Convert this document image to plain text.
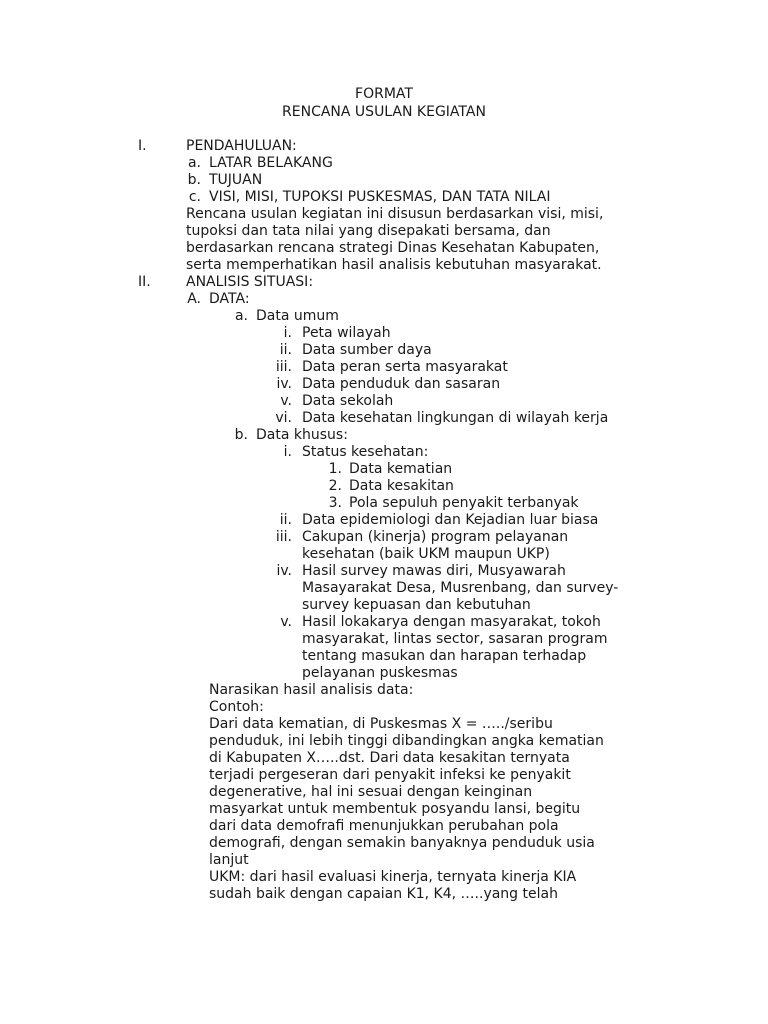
FORMAT
RENCANA USULAN KEGIATAN
I.	PENDAHULUAN:
a. LATAR BELAKANG
b. TUJUAN
c. VISI, MISI, TUPOKSI PUSKESMAS, DAN TATA NILAI
Rencana usulan kegiatan ini disusun berdasarkan visi, misi,
tupoksi dan tata nilai yang disepakati bersama, dan
berdasarkan rencana strategi Dinas Kesehatan Kabupaten,
serta memperhatikan hasil analisis kebutuhan masyarakat.
II.	ANALISIS SITUASI:
A. DATA:
a. Data umum
i. Peta wilayah
ii. Data sumber daya
iii. Data peran serta masyarakat
iv. Data penduduk dan sasaran
v. Data sekolah
vi. Data kesehatan lingkungan di wilayah kerja
b. Data khusus:
i. Status kesehatan:
1. Data kematian
2. Data kesakitan
3. Pola sepuluh penyakit terbanyak
ii. Data epidemiologi dan Kejadian luar biasa
iii. Cakupan (kinerja) program pelayanan
kesehatan (baik UKM maupun UKP)
iv. Hasil survey mawas diri, Musyawarah
Masayarakat Desa, Musrenbang, dan survey-
survey kepuasan dan kebutuhan
v. Hasil lokakarya dengan masyarakat, tokoh
masyarakat, lintas sector, sasaran program
tentang masukan dan harapan terhadap
pelayanan puskesmas
Narasikan hasil analisis data:
Contoh:
Dari data kematian, di Puskesmas X = …../seribu
penduduk, ini lebih tinggi dibandingkan angka kematian
di Kabupaten X…..dst. Dari data kesakitan ternyata
terjadi pergeseran dari penyakit infeksi ke penyakit
degenerative, hal ini sesuai dengan keinginan
masyarkat untuk membentuk posyandu lansi, begitu
dari data demofrafi menunjukkan perubahan pola
demografi, dengan semakin banyaknya penduduk usia
lanjut
UKM: dari hasil evaluasi kinerja, ternyata kinerja KIA
sudah baik dengan capaian K1, K4, …..yang telah
